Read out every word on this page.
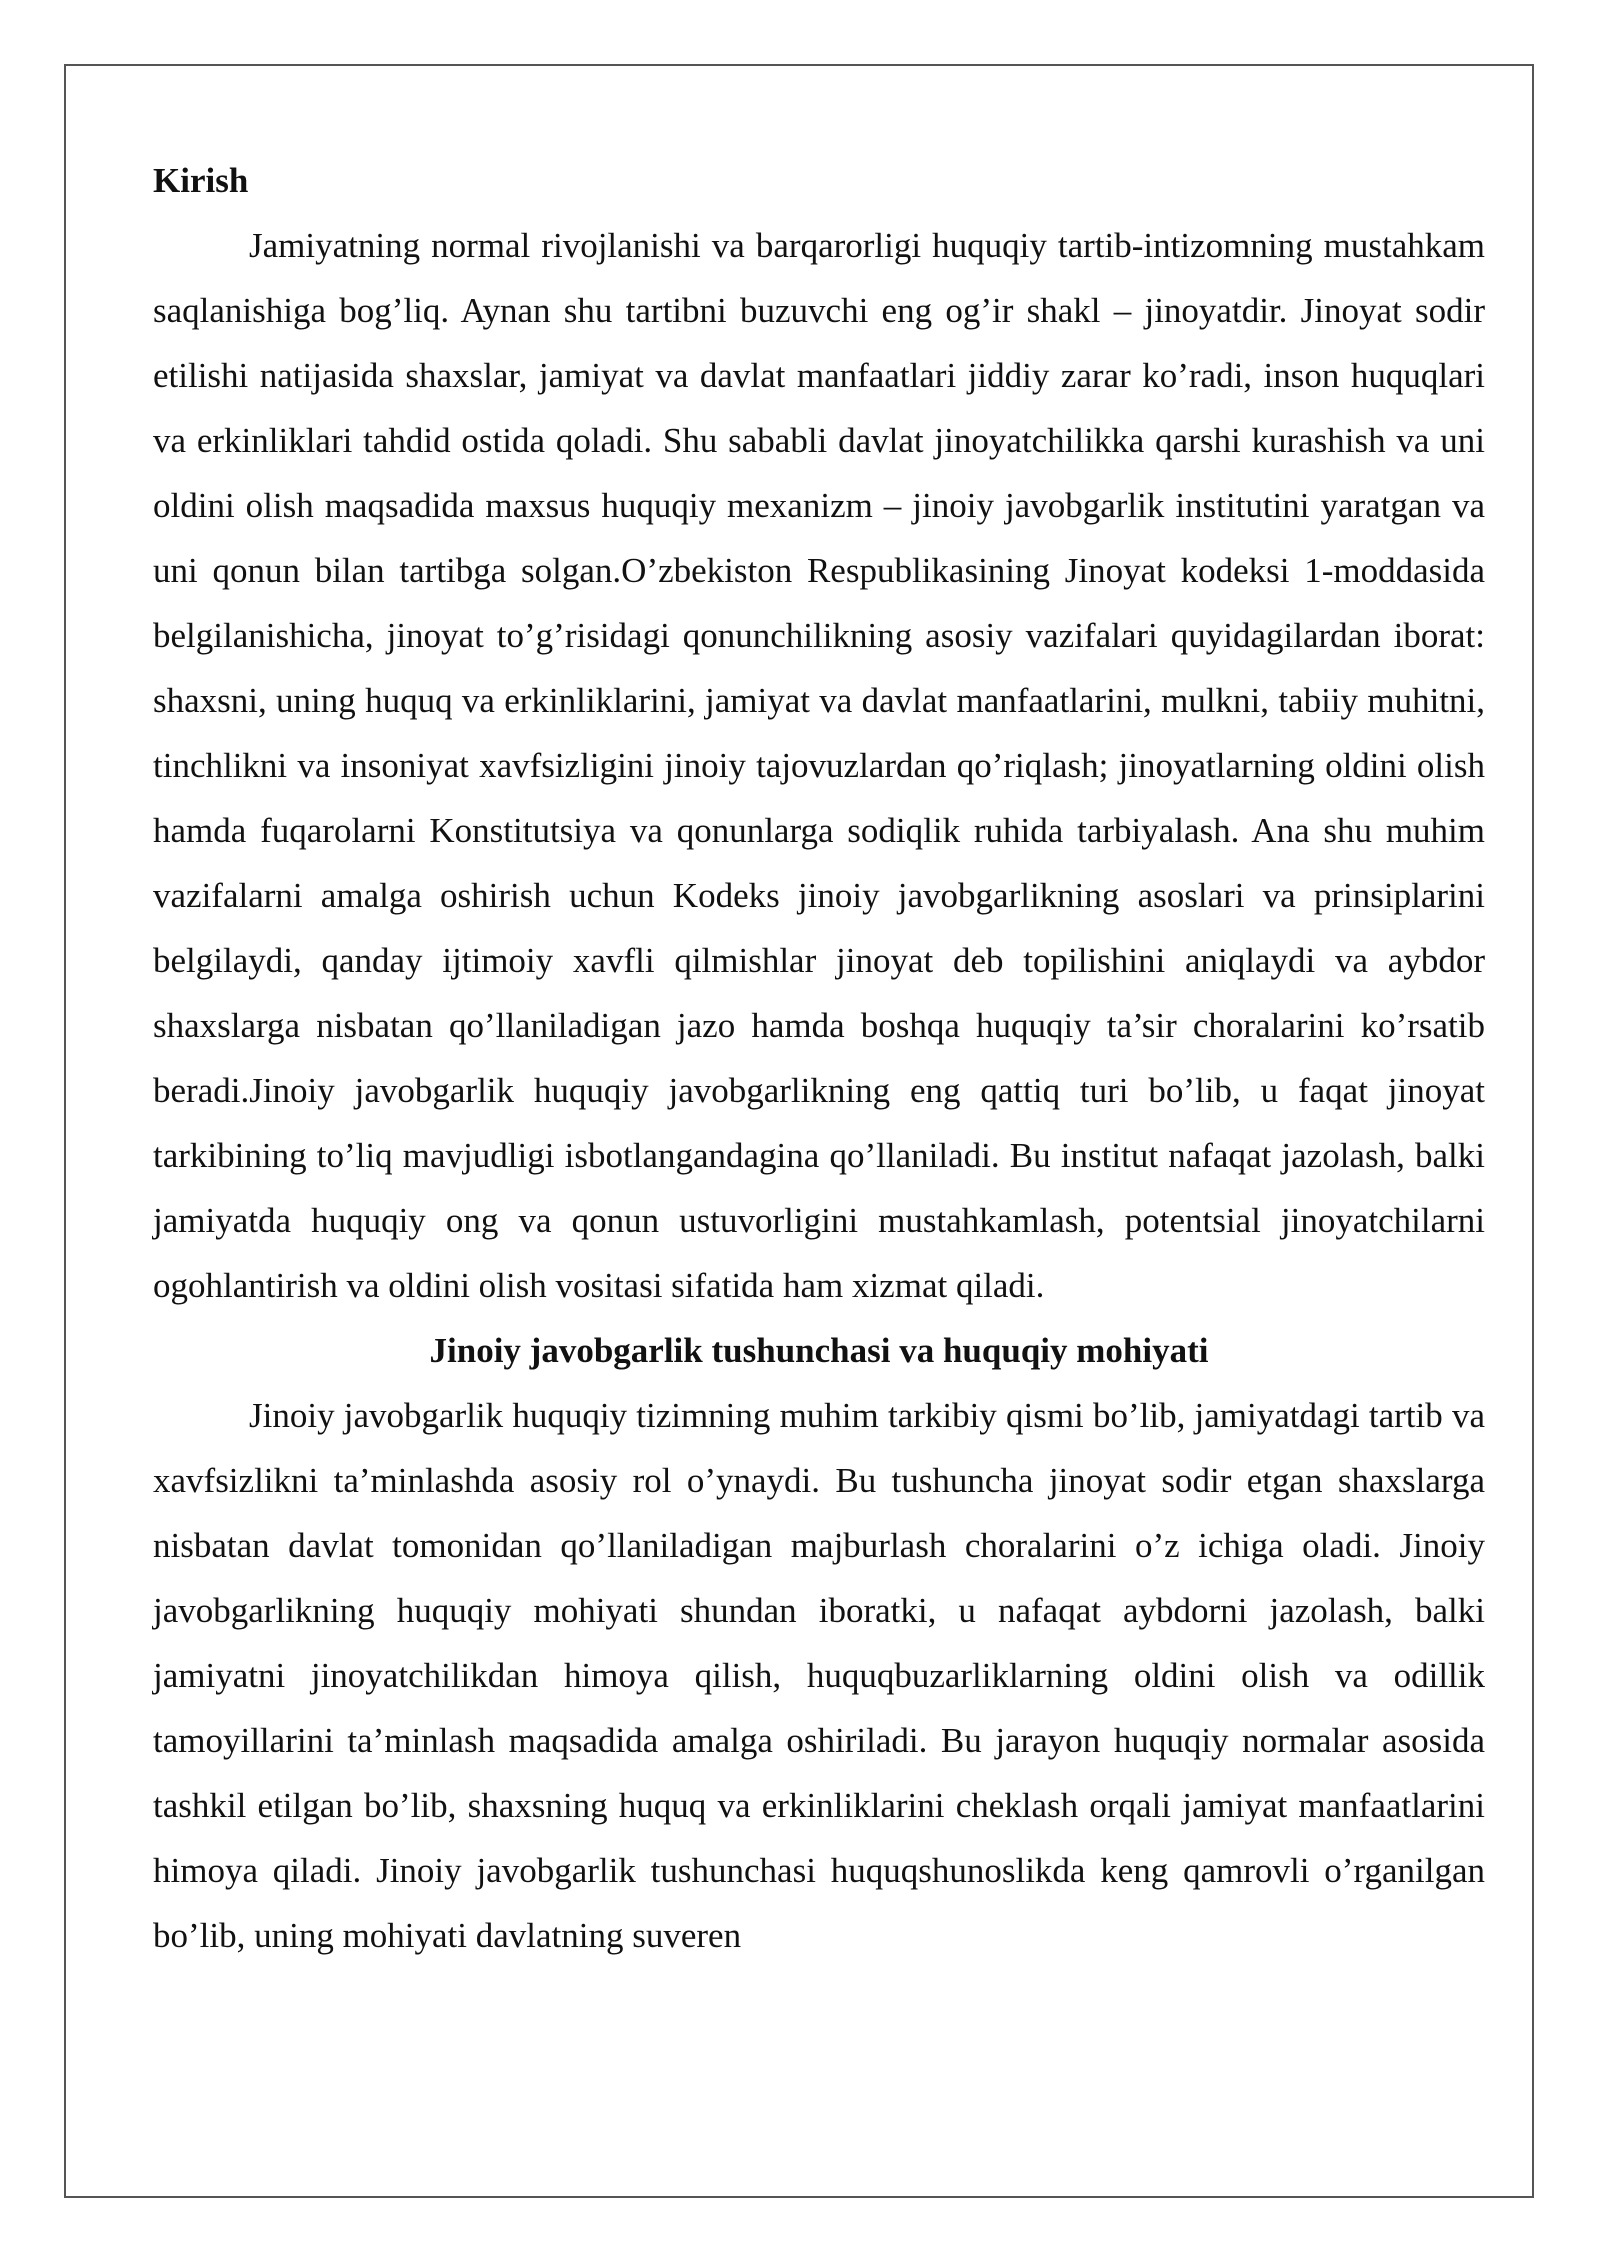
Kirish

Jamiyatning normal rivojlanishi va barqarorligi huquqiy tartib-intizomning mustahkam saqlanishiga bog’liq. Aynan shu tartibni buzuvchi eng og’ir shakl – jinoyatdir. Jinoyat sodir etilishi natijasida shaxslar, jamiyat va davlat manfaatlari jiddiy zarar ko’radi, inson huquqlari va erkinliklari tahdid ostida qoladi. Shu sababli davlat jinoyatchilikka qarshi kurashish va uni oldini olish maqsadida maxsus huquqiy mexanizm – jinoiy javobgarlik institutini yaratgan va uni qonun bilan tartibga solgan.O’zbekiston Respublikasining Jinoyat kodeksi 1-moddasida belgilanishicha, jinoyat to’g’risidagi qonunchilikning asosiy vazifalari quyidagilardan iborat: shaxsni, uning huquq va erkinliklarini, jamiyat va davlat manfaatlarini, mulkni, tabiiy muhitni, tinchlikni va insoniyat xavfsizligini jinoiy tajovuzlardan qo’riqlash; jinoyatlarning oldini olish hamda fuqarolarni Konstitutsiya va qonunlarga sodiqlik ruhida tarbiyalash. Ana shu muhim vazifalarni amalga oshirish uchun Kodeks jinoiy javobgarlikning asoslari va prinsiplarini belgilaydi, qanday ijtimoiy xavfli qilmishlar jinoyat deb topilishini aniqlaydi va aybdor shaxslarga nisbatan qo’llaniladigan jazo hamda boshqa huquqiy ta’sir choralarini ko’rsatib beradi.Jinoiy javobgarlik huquqiy javobgarlikning eng qattiq turi bo’lib, u faqat jinoyat tarkibining to’liq mavjudligi isbotlangandagina qo’llaniladi. Bu institut nafaqat jazolash, balki jamiyatda huquqiy ong va qonun ustuvorligini mustahkamlash, potentsial jinoyatchilarni ogohlantirish va oldini olish vositasi sifatida ham xizmat qiladi.

Jinoiy javobgarlik tushunchasi va huquqiy mohiyati

Jinoiy javobgarlik huquqiy tizimning muhim tarkibiy qismi bo’lib, jamiyatdagi tartib va xavfsizlikni ta’minlashda asosiy rol o’ynaydi. Bu tushuncha jinoyat sodir etgan shaxslarga nisbatan davlat tomonidan qo’llaniladigan majburlash choralarini o’z ichiga oladi. Jinoiy javobgarlikning huquqiy mohiyati shundan iboratki, u nafaqat aybdorni jazolash, balki jamiyatni jinoyatchilikdan himoya qilish, huquqbuzarliklarning oldini olish va odillik tamoyillarini ta’minlash maqsadida amalga oshiriladi. Bu jarayon huquqiy normalar asosida tashkil etilgan bo’lib, shaxsning huquq va erkinliklarini cheklash orqali jamiyat manfaatlarini himoya qiladi. Jinoiy javobgarlik tushunchasi huquqshunoslikda keng qamrovli o’rganilgan bo’lib, uning mohiyati davlatning suveren
